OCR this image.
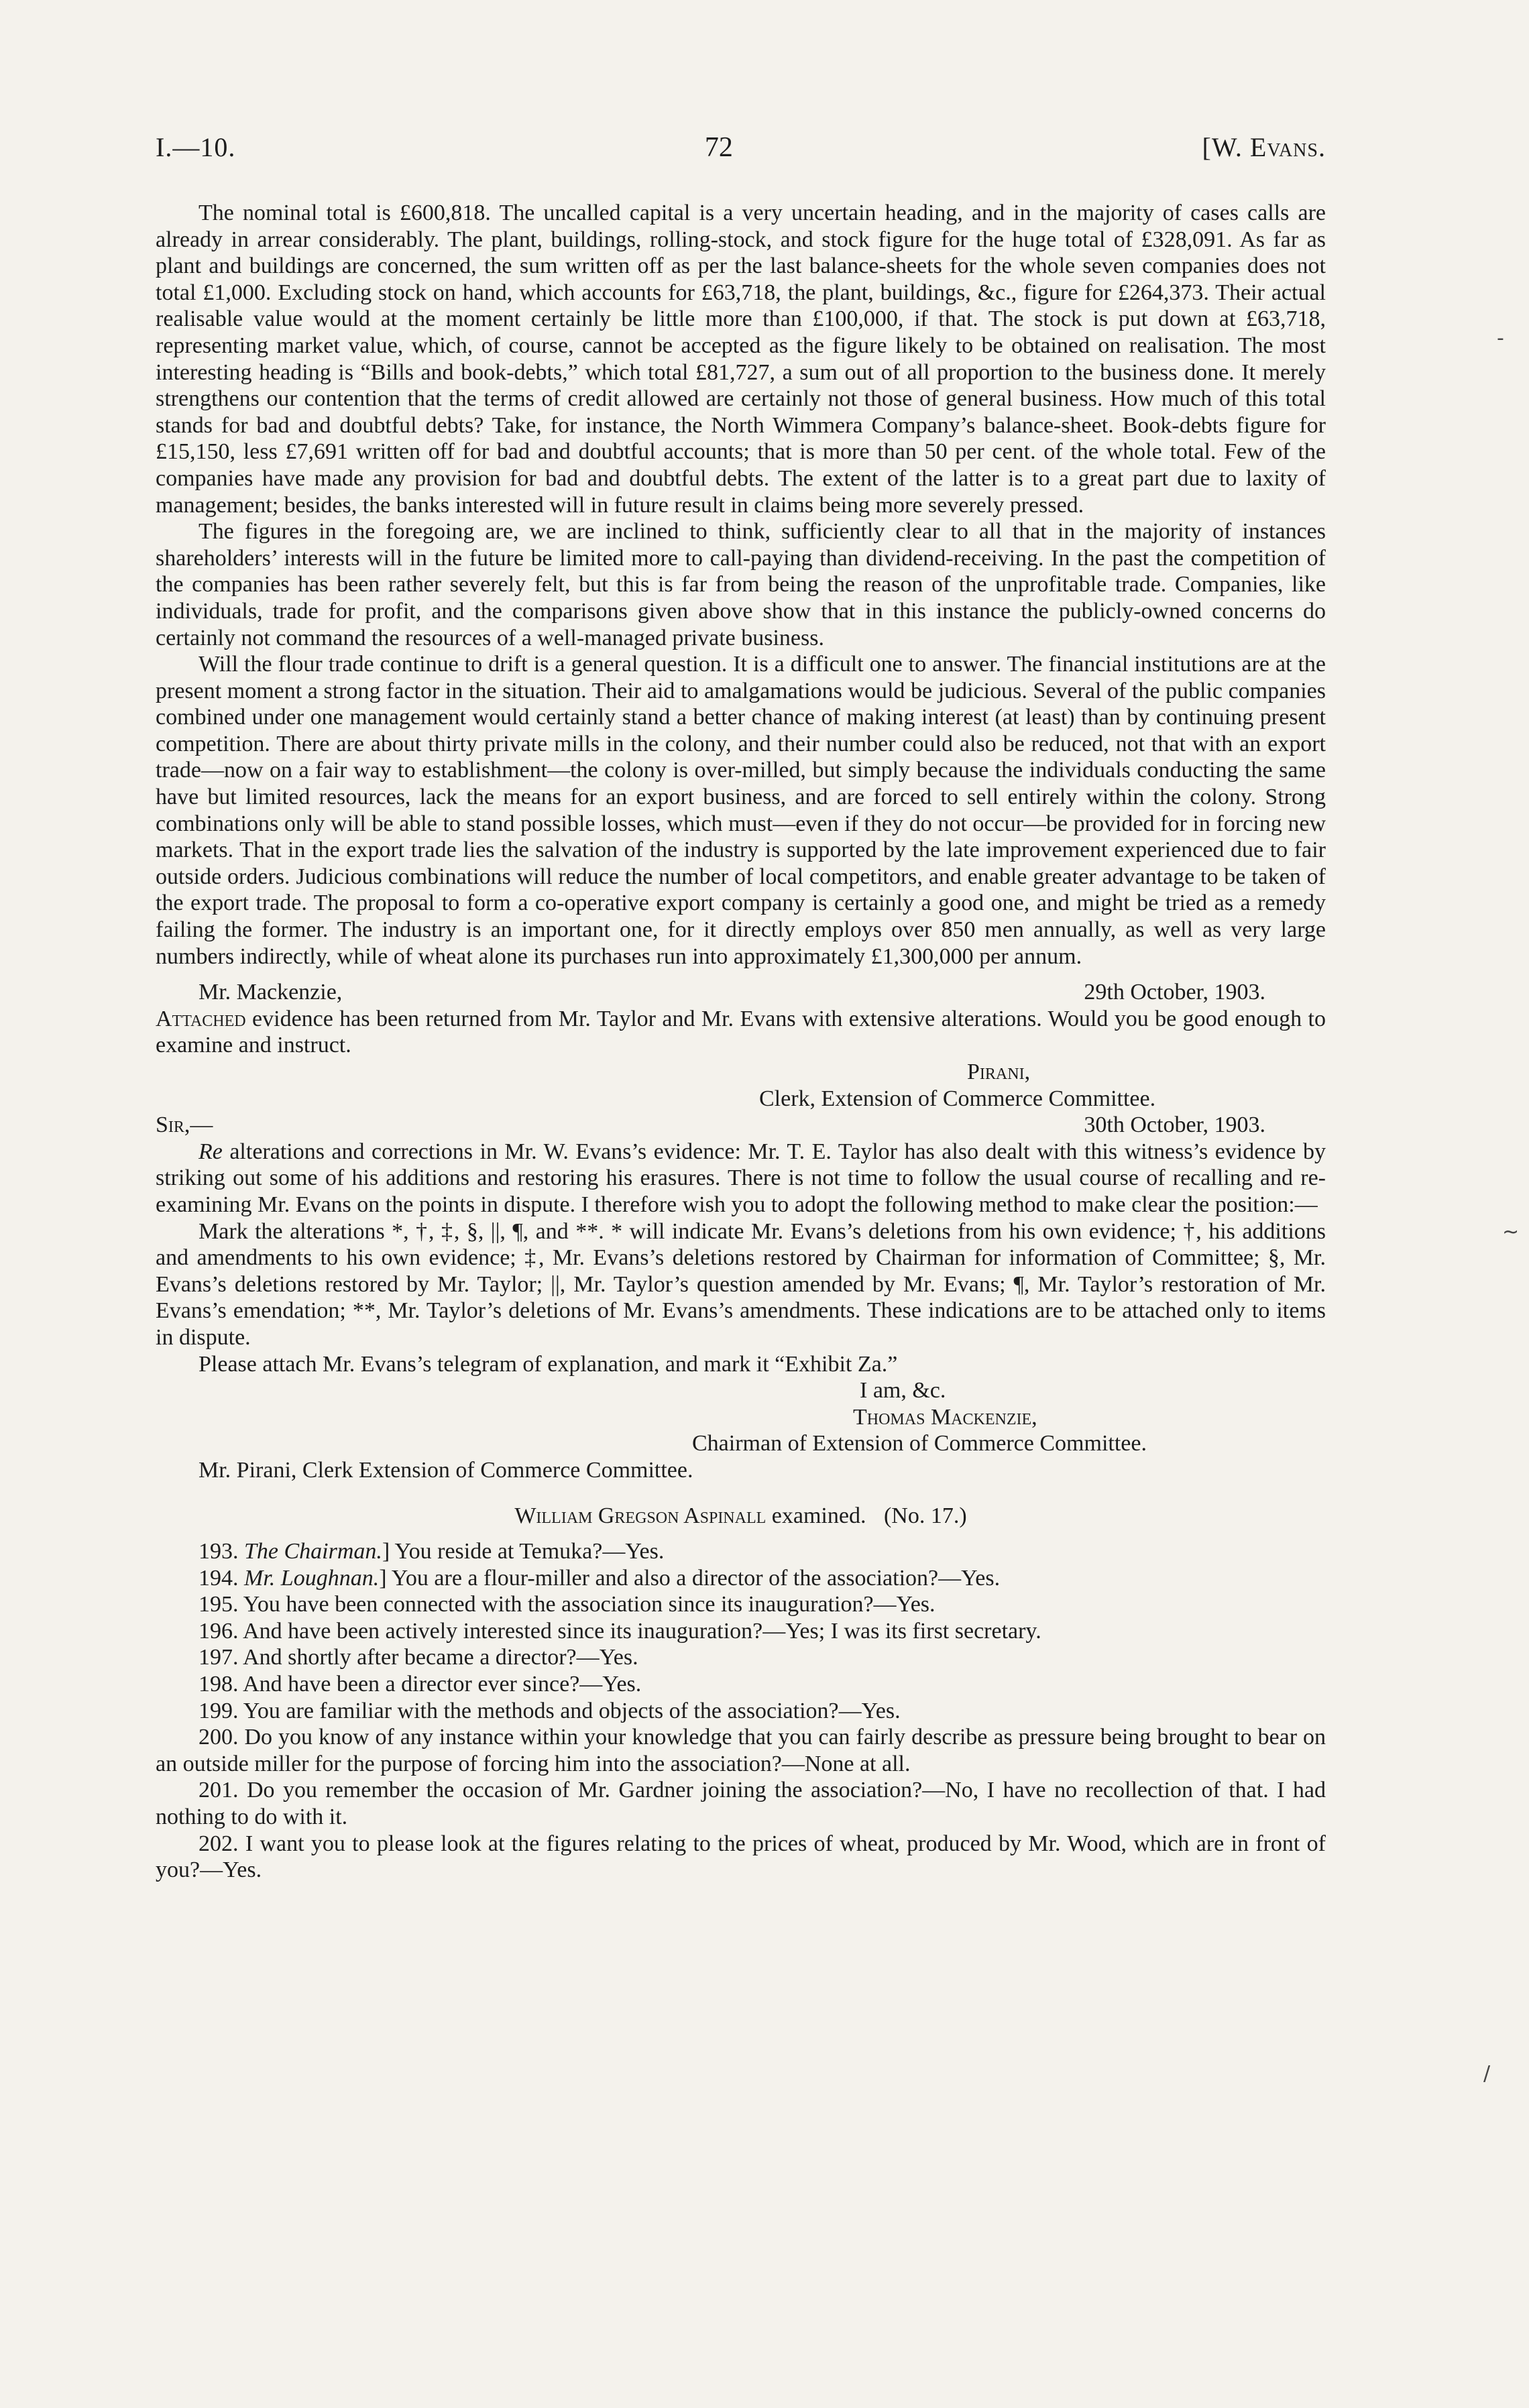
I.—10.	72	[W. Evans.

The nominal total is £600,818. The uncalled capital is a very uncertain heading, and in the majority of cases calls are already in arrear considerably. The plant, buildings, rolling-stock, and stock figure for the huge total of £328,091. As far as plant and buildings are concerned, the sum written off as per the last balance-sheets for the whole seven companies does not total £1,000. Excluding stock on hand, which accounts for £63,718, the plant, buildings, &c., figure for £264,373. Their actual realisable value would at the moment certainly be little more than £100,000, if that. The stock is put down at £63,718, representing market value, which, of course, cannot be accepted as the figure likely to be obtained on realisation. The most interesting heading is “Bills and book-debts,” which total £81,727, a sum out of all proportion to the business done. It merely strengthens our contention that the terms of credit allowed are certainly not those of general business. How much of this total stands for bad and doubtful debts? Take, for instance, the North Wimmera Company’s balance-sheet. Book-debts figure for £15,150, less £7,691 written off for bad and doubtful accounts; that is more than 50 per cent. of the whole total. Few of the companies have made any provision for bad and doubtful debts. The extent of the latter is to a great part due to laxity of management; besides, the banks interested will in future result in claims being more severely pressed.

The figures in the foregoing are, we are inclined to think, sufficiently clear to all that in the majority of instances shareholders’ interests will in the future be limited more to call-paying than dividend-receiving. In the past the competition of the companies has been rather severely felt, but this is far from being the reason of the unprofitable trade. Companies, like individuals, trade for profit, and the comparisons given above show that in this instance the publicly-owned concerns do certainly not command the resources of a well-managed private business.

Will the flour trade continue to drift is a general question. It is a difficult one to answer. The financial institutions are at the present moment a strong factor in the situation. Their aid to amalgamations would be judicious. Several of the public companies combined under one management would certainly stand a better chance of making interest (at least) than by continuing present competition. There are about thirty private mills in the colony, and their number could also be reduced, not that with an export trade—now on a fair way to establishment—the colony is over-milled, but simply because the individuals conducting the same have but limited resources, lack the means for an export business, and are forced to sell entirely within the colony. Strong combinations only will be able to stand possible losses, which must—even if they do not occur—be provided for in forcing new markets. That in the export trade lies the salvation of the industry is supported by the late improvement experienced due to fair outside orders. Judicious combinations will reduce the number of local competitors, and enable greater advantage to be taken of the export trade. The proposal to form a co-operative export company is certainly a good one, and might be tried as a remedy failing the former. The industry is an important one, for it directly employs over 850 men annually, as well as very large numbers indirectly, while of wheat alone its purchases run into approximately £1,300,000 per annum.

Mr. Mackenzie,	29th October, 1903.

Attached evidence has been returned from Mr. Taylor and Mr. Evans with extensive alterations. Would you be good enough to examine and instruct.

Pirani,

Clerk, Extension of Commerce Committee.

Sir,—	30th October, 1903.

Re alterations and corrections in Mr. W. Evans’s evidence: Mr. T. E. Taylor has also dealt with this witness’s evidence by striking out some of his additions and restoring his erasures. There is not time to follow the usual course of recalling and re-examining Mr. Evans on the points in dispute. I therefore wish you to adopt the following method to make clear the position:—

Mark the alterations *, †, ‡, §, ||, ¶, and **. * will indicate Mr. Evans’s deletions from his own evidence; †, his additions and amendments to his own evidence; ‡, Mr. Evans’s deletions restored by Chairman for information of Committee; §, Mr. Evans’s deletions restored by Mr. Taylor; ||, Mr. Taylor’s question amended by Mr. Evans; ¶, Mr. Taylor’s restoration of Mr. Evans’s emendation; **, Mr. Taylor’s deletions of Mr. Evans’s amendments. These indications are to be attached only to items in dispute.

Please attach Mr. Evans’s telegram of explanation, and mark it “Exhibit Za.”

I am, &c.

Thomas Mackenzie,

Chairman of Extension of Commerce Committee.

Mr. Pirani, Clerk Extension of Commerce Committee.

William Gregson Aspinall examined. (No. 17.)

193. The Chairman.] You reside at Temuka?—Yes.

194. Mr. Loughnan.] You are a flour-miller and also a director of the association?—Yes.

195. You have been connected with the association since its inauguration?—Yes.

196. And have been actively interested since its inauguration?—Yes; I was its first secretary.

197. And shortly after became a director?—Yes.

198. And have been a director ever since?—Yes.

199. You are familiar with the methods and objects of the association?—Yes.

200. Do you know of any instance within your knowledge that you can fairly describe as pressure being brought to bear on an outside miller for the purpose of forcing him into the association?—None at all.

201. Do you remember the occasion of Mr. Gardner joining the association?—No, I have no recollection of that. I had nothing to do with it.

202. I want you to please look at the figures relating to the prices of wheat, produced by Mr. Wood, which are in front of you?—Yes.

-
~
/
